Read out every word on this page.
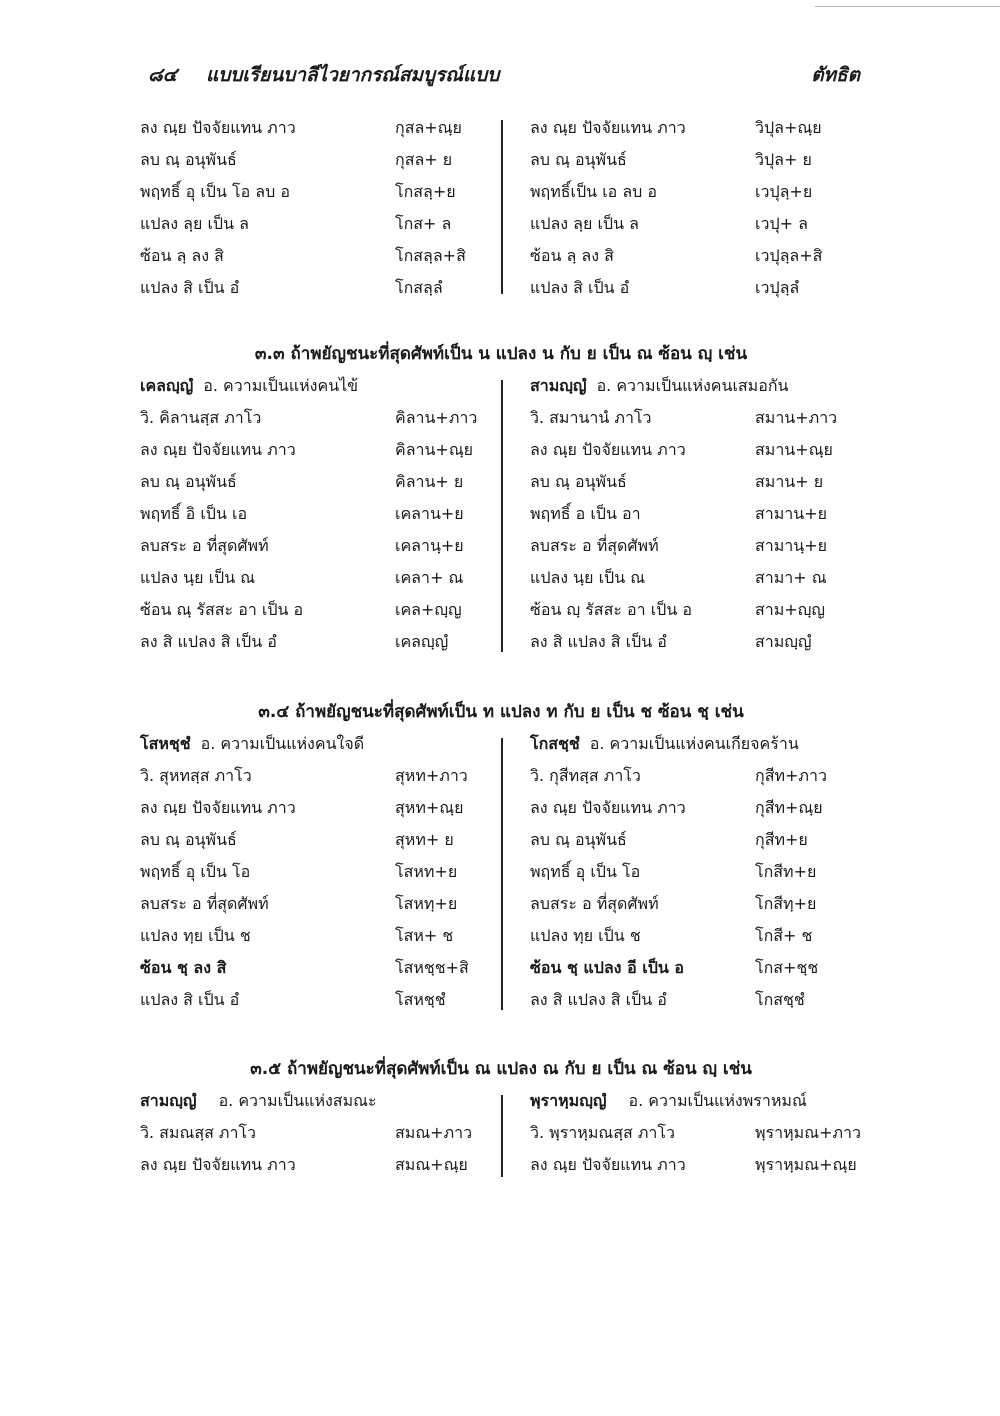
๘๔ แบบเรียนบาลีไวยากรณ์สมบูรณ์แบบ	ตัทธิต
ลง ณฺย ปัจจัยแทน ภาว	กุสล+ณฺย
ลบ ณฺ อนุพันธ์	กุสล+ ย
พฤทธิ์ อุ เป็น โอ ลบ อ	โกสลฺ+ย
แปลง ลฺย เป็น ล	โกส+ ล
ซ้อน ลฺ ลง สิ	โกสลฺล+สิ
แปลง สิ เป็น อํ	โกสลฺลํ
ลง ณฺย ปัจจัยแทน ภาว	วิปุล+ณฺย
ลบ ณฺ อนุพันธ์	วิปุล+ ย
พฤทธิ์เป็น เอ ลบ อ	เวปุลฺ+ย
แปลง ลฺย เป็น ล	เวปุ+ ล
ซ้อน ลฺ ลง สิ	เวปุลฺล+สิ
แปลง สิ เป็น อํ	เวปุลฺลํ
๓.๓ ถ้าพยัญชนะที่สุดศัพท์เป็น น แปลง น กับ ย เป็น ณ ซ้อน ญฺ เช่น
เคลญฺญํ อ. ความเป็นแห่งคนไข้
วิ. คิลานสฺส ภาโว	คิลาน+ภาว
ลง ณฺย ปัจจัยแทน ภาว	คิลาน+ณฺย
ลบ ณฺ อนุพันธ์	คิลาน+ ย
พฤทธิ์ อิ เป็น เอ	เคลาน+ย
ลบสระ อ ที่สุดศัพท์	เคลานฺ+ย
แปลง นฺย เป็น ณ	เคลา+ ณ
ซ้อน ณฺ รัสสะ อา เป็น อ	เคล+ญฺญ
ลง สิ แปลง สิ เป็น อํ	เคลญฺญํ
สามญฺญํ อ. ความเป็นแห่งคนเสมอกัน
วิ. สมานานํ ภาโว	สมาน+ภาว
ลง ณฺย ปัจจัยแทน ภาว	สมาน+ณฺย
ลบ ณฺ อนุพันธ์	สมาน+ ย
พฤทธิ์ อ เป็น อา	สามาน+ย
ลบสระ อ ที่สุดศัพท์	สามานฺ+ย
แปลง นฺย เป็น ณ	สามา+ ณ
ซ้อน ญฺ รัสสะ อา เป็น อ	สาม+ญฺญ
ลง สิ แปลง สิ เป็น อํ	สามญฺญํ
๓.๔ ถ้าพยัญชนะที่สุดศัพท์เป็น ท แปลง ท กับ ย เป็น ช ซ้อน ชฺ เช่น
โสหชฺชํ อ. ความเป็นแห่งคนใจดี
วิ. สุหทสฺส ภาโว	สุหท+ภาว
ลง ณฺย ปัจจัยแทน ภาว	สุหท+ณฺย
ลบ ณฺ อนุพันธ์	สุหท+ ย
พฤทธิ์ อุ เป็น โอ	โสหท+ย
ลบสระ อ ที่สุดศัพท์	โสหทฺ+ย
แปลง ทฺย เป็น ช	โสห+ ช
ซ้อน ชฺ ลง สิ	โสหชฺช+สิ
แปลง สิ เป็น อํ	โสหชฺชํ
โกสชฺชํ อ. ความเป็นแห่งคนเกียจคร้าน
วิ. กุสีทสฺส ภาโว	กุสีท+ภาว
ลง ณฺย ปัจจัยแทน ภาว	กุสีท+ณฺย
ลบ ณฺ อนุพันธ์	กุสีท+ย
พฤทธิ์ อุ เป็น โอ	โกสีท+ย
ลบสระ อ ที่สุดศัพท์	โกสีทฺ+ย
แปลง ทฺย เป็น ช	โกสี+ ช
ซ้อน ชฺ แปลง อี เป็น อ	โกส+ชฺช
ลง สิ แปลง สิ เป็น อํ	โกสชฺชํ
๓.๕ ถ้าพยัญชนะที่สุดศัพท์เป็น ณ แปลง ณ กับ ย เป็น ณ ซ้อน ญฺ เช่น
สามญฺญํ อ. ความเป็นแห่งสมณะ
วิ. สมณสฺส ภาโว	สมณ+ภาว
ลง ณฺย ปัจจัยแทน ภาว	สมณ+ณฺย
พฺราหฺมญฺญํ อ. ความเป็นแห่งพราหมณ์
วิ. พฺราหฺมณสฺส ภาโว	พฺราหฺมณ+ภาว
ลง ณฺย ปัจจัยแทน ภาว	พฺราหฺมณ+ณฺย
